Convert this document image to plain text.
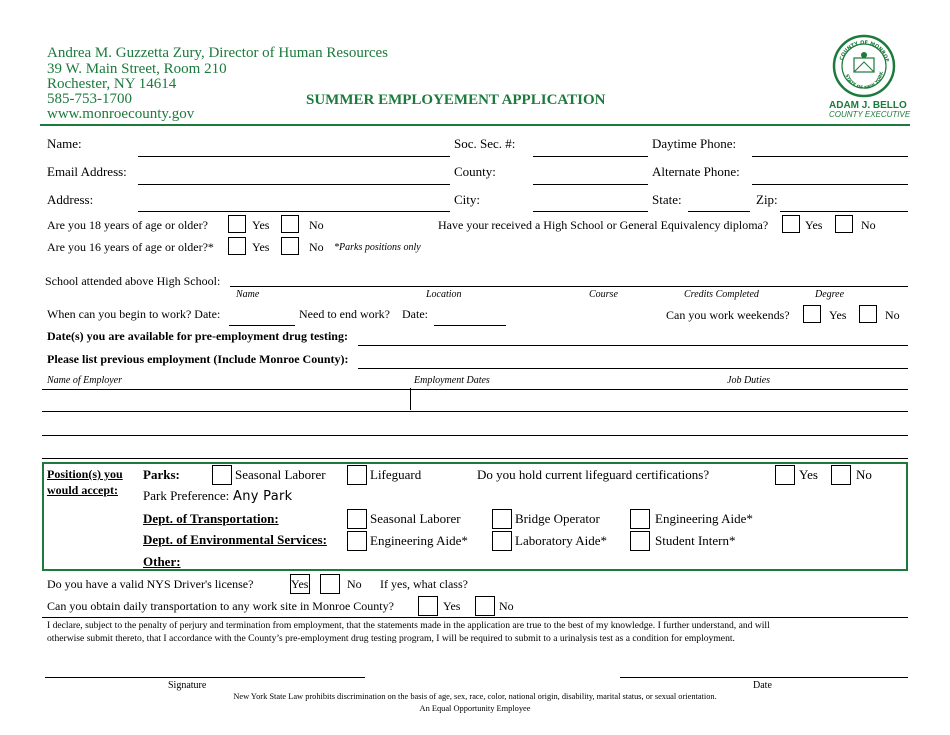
Andrea M. Guzzetta Zury, Director of Human Resources
39 W. Main Street, Room 210
Rochester, NY 14614
585-753-1700
www.monroecounty.gov
SUMMER EMPLOYEMENT APPLICATION
COUNTY OF MONROE
STATE OF NEW YORK
ADAM J. BELLO
COUNTY EXECUTIVE
Name:	Soc. Sec. #:	Daytime Phone:
Email Address:	County:	Alternate Phone:
Address:	City:	State:	Zip:
Are you 18 years of age or older?	Yes	No	Have your received a High School or General Equivalency diploma?	Yes	No
Are you 16 years of age or older?*	Yes	No *Parks positions only
School attended above High School:
Name	Location	Course	Credits Completed	Degree
When can you begin to work? Date:	Need to end work? Date:	Can you work weekends?	Yes	No
Date(s) you are available for pre-employment drug testing:
Please list previous employment (Include Monroe County):
Name of Employer	Employment Dates	Job Duties
Position(s) you
would accept:
Parks:	Seasonal Laborer	Lifeguard	Do you hold current lifeguard certifications?	Yes	No
Park Preference: Any Park
Dept. of Transportation:	Seasonal Laborer	Bridge Operator	Engineering Aide*
Dept. of Environmental Services:	Engineering Aide*	Laboratory Aide*	Student Intern*
Other:
Do you have a valid NYS Driver's license?	Yes	No If yes, what class?
Can you obtain daily transportation to any work site in Monroe County?	Yes	No
I declare, subject to the penalty of perjury and termination from employment, that the statements made in the application are true to the best of my knowledge. I further understand, and will
otherwise submit thereto, that I accordance with the County’s pre-employment drug testing program, I will be required to submit to a urinalysis test as a condition for employment.
Signature	Date
New York State Law prohibits discrimination on the basis of age, sex, race, color, national origin, disability, marital status, or sexual orientation.
An Equal Opportunity Employee
